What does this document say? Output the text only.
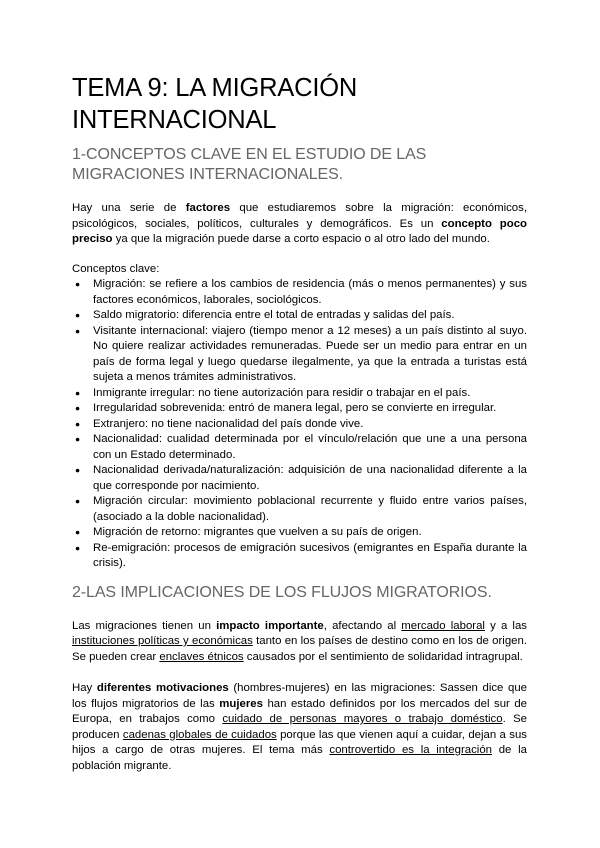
TEMA 9: LA MIGRACIÓN INTERNACIONAL
1-CONCEPTOS CLAVE EN EL ESTUDIO DE LAS MIGRACIONES INTERNACIONALES.

Hay una serie de factores que estudiaremos sobre la migración: económicos, psicológicos, sociales, políticos, culturales y demográficos. Es un concepto poco preciso ya que la migración puede darse a corto espacio o al otro lado del mundo.

Conceptos clave:

● Migración: se refiere a los cambios de residencia (más o menos permanentes) y sus factores económicos, laborales, sociológicos.
● Saldo migratorio: diferencia entre el total de entradas y salidas del país.
● Visitante internacional: viajero (tiempo menor a 12 meses) a un país distinto al suyo. No quiere realizar actividades remuneradas. Puede ser un medio para entrar en un país de forma legal y luego quedarse ilegalmente, ya que la entrada a turistas está sujeta a menos trámites administrativos.
● Inmigrante irregular: no tiene autorización para residir o trabajar en el país.
● Irregularidad sobrevenida: entró de manera legal, pero se convierte en irregular.
● Extranjero: no tiene nacionalidad del país donde vive.
● Nacionalidad: cualidad determinada por el vínculo/relación que une a una persona con un Estado determinado.
● Nacionalidad derivada/naturalización: adquisición de una nacionalidad diferente a la que corresponde por nacimiento.
● Migración circular: movimiento poblacional recurrente y fluido entre varios países, (asociado a la doble nacionalidad).
● Migración de retorno: migrantes que vuelven a su país de origen.
● Re-emigración: procesos de emigración sucesivos (emigrantes en España durante la crisis).
2-LAS IMPLICACIONES DE LOS FLUJOS MIGRATORIOS.

Las migraciones tienen un impacto importante, afectando al mercado laboral y a las instituciones políticas y económicas tanto en los países de destino como en los de origen. Se pueden crear enclaves étnicos causados por el sentimiento de solidaridad intragrupal.

Hay diferentes motivaciones (hombres-mujeres) en las migraciones: Sassen dice que los flujos migratorios de las mujeres han estado definidos por los mercados del sur de Europa, en trabajos como cuidado de personas mayores o trabajo doméstico. Se producen cadenas globales de cuidados porque las que vienen aquí a cuidar, dejan a sus hijos a cargo de otras mujeres. El tema más controvertido es la integración de la población migrante.
